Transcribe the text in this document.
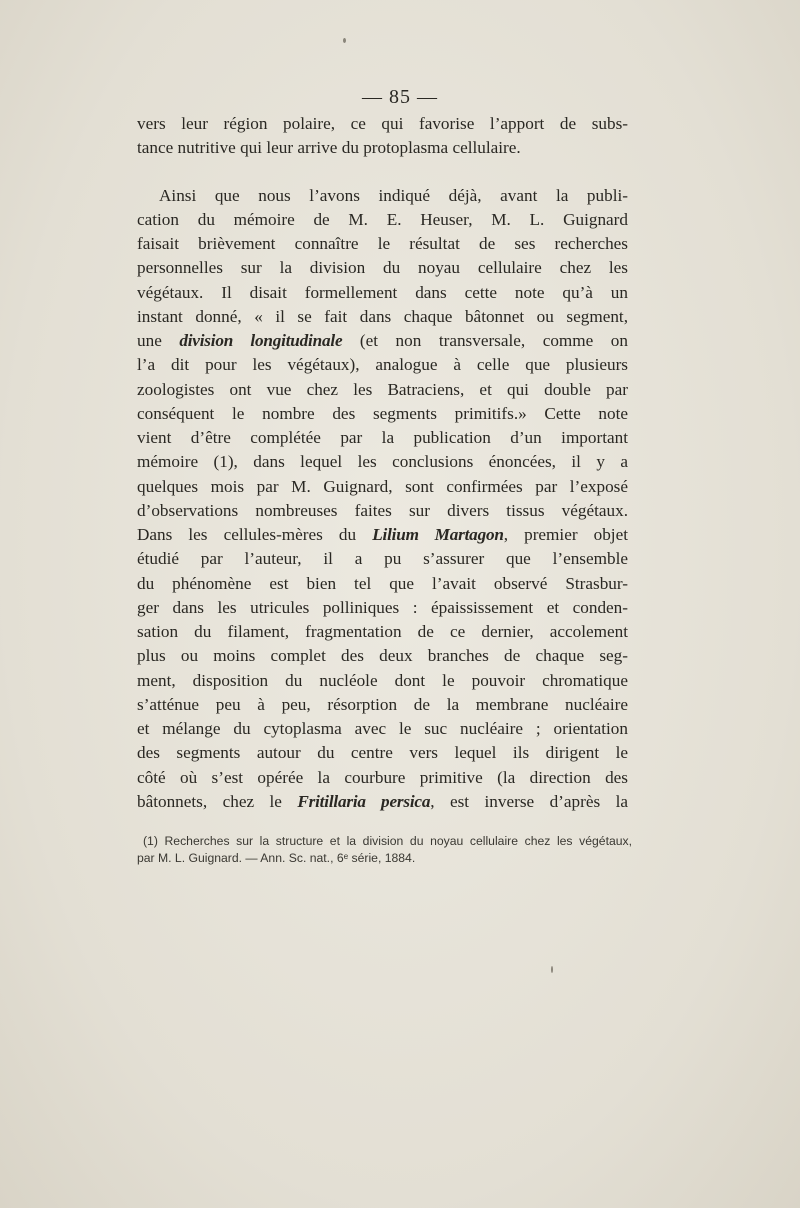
— 85 —
vers leur région polaire, ce qui favorise l’apport de subs-
tance nutritive qui leur arrive du protoplasma cellulaire.
Ainsi que nous l’avons indiqué déjà, avant la publi-
cation du mémoire de M. E. Heuser, M. L. Guignard
faisait brièvement connaître le résultat de ses recherches
personnelles sur la division du noyau cellulaire chez les
végétaux. Il disait formellement dans cette note qu’à un
instant donné, « il se fait dans chaque bâtonnet ou segment,
une division longitudinale (et non transversale, comme on
l’a dit pour les végétaux), analogue à celle que plusieurs
zoologistes ont vue chez les Batraciens, et qui double par
conséquent le nombre des segments primitifs.» Cette note
vient d’être complétée par la publication d’un important
mémoire (1), dans lequel les conclusions énoncées, il y a
quelques mois par M. Guignard, sont confirmées par l’exposé
d’observations nombreuses faites sur divers tissus végétaux.
Dans les cellules-mères du Lilium Martagon, premier objet
étudié par l’auteur, il a pu s’assurer que l’ensemble
du phénomène est bien tel que l’avait observé Strasbur-
ger dans les utricules polliniques : épaississement et conden-
sation du filament, fragmentation de ce dernier, accolement
plus ou moins complet des deux branches de chaque seg-
ment, disposition du nucléole dont le pouvoir chromatique
s’atténue peu à peu, résorption de la membrane nucléaire
et mélange du cytoplasma avec le suc nucléaire ; orientation
des segments autour du centre vers lequel ils dirigent le
côté où s’est opérée la courbure primitive (la direction des
bâtonnets, chez le Fritillaria persica, est inverse d’après la
(1) Recherches sur la structure et la division du noyau cellulaire chez les végétaux,
par M. L. Guignard. — Ann. Sc. nat., 6ᵉ série, 1884.
